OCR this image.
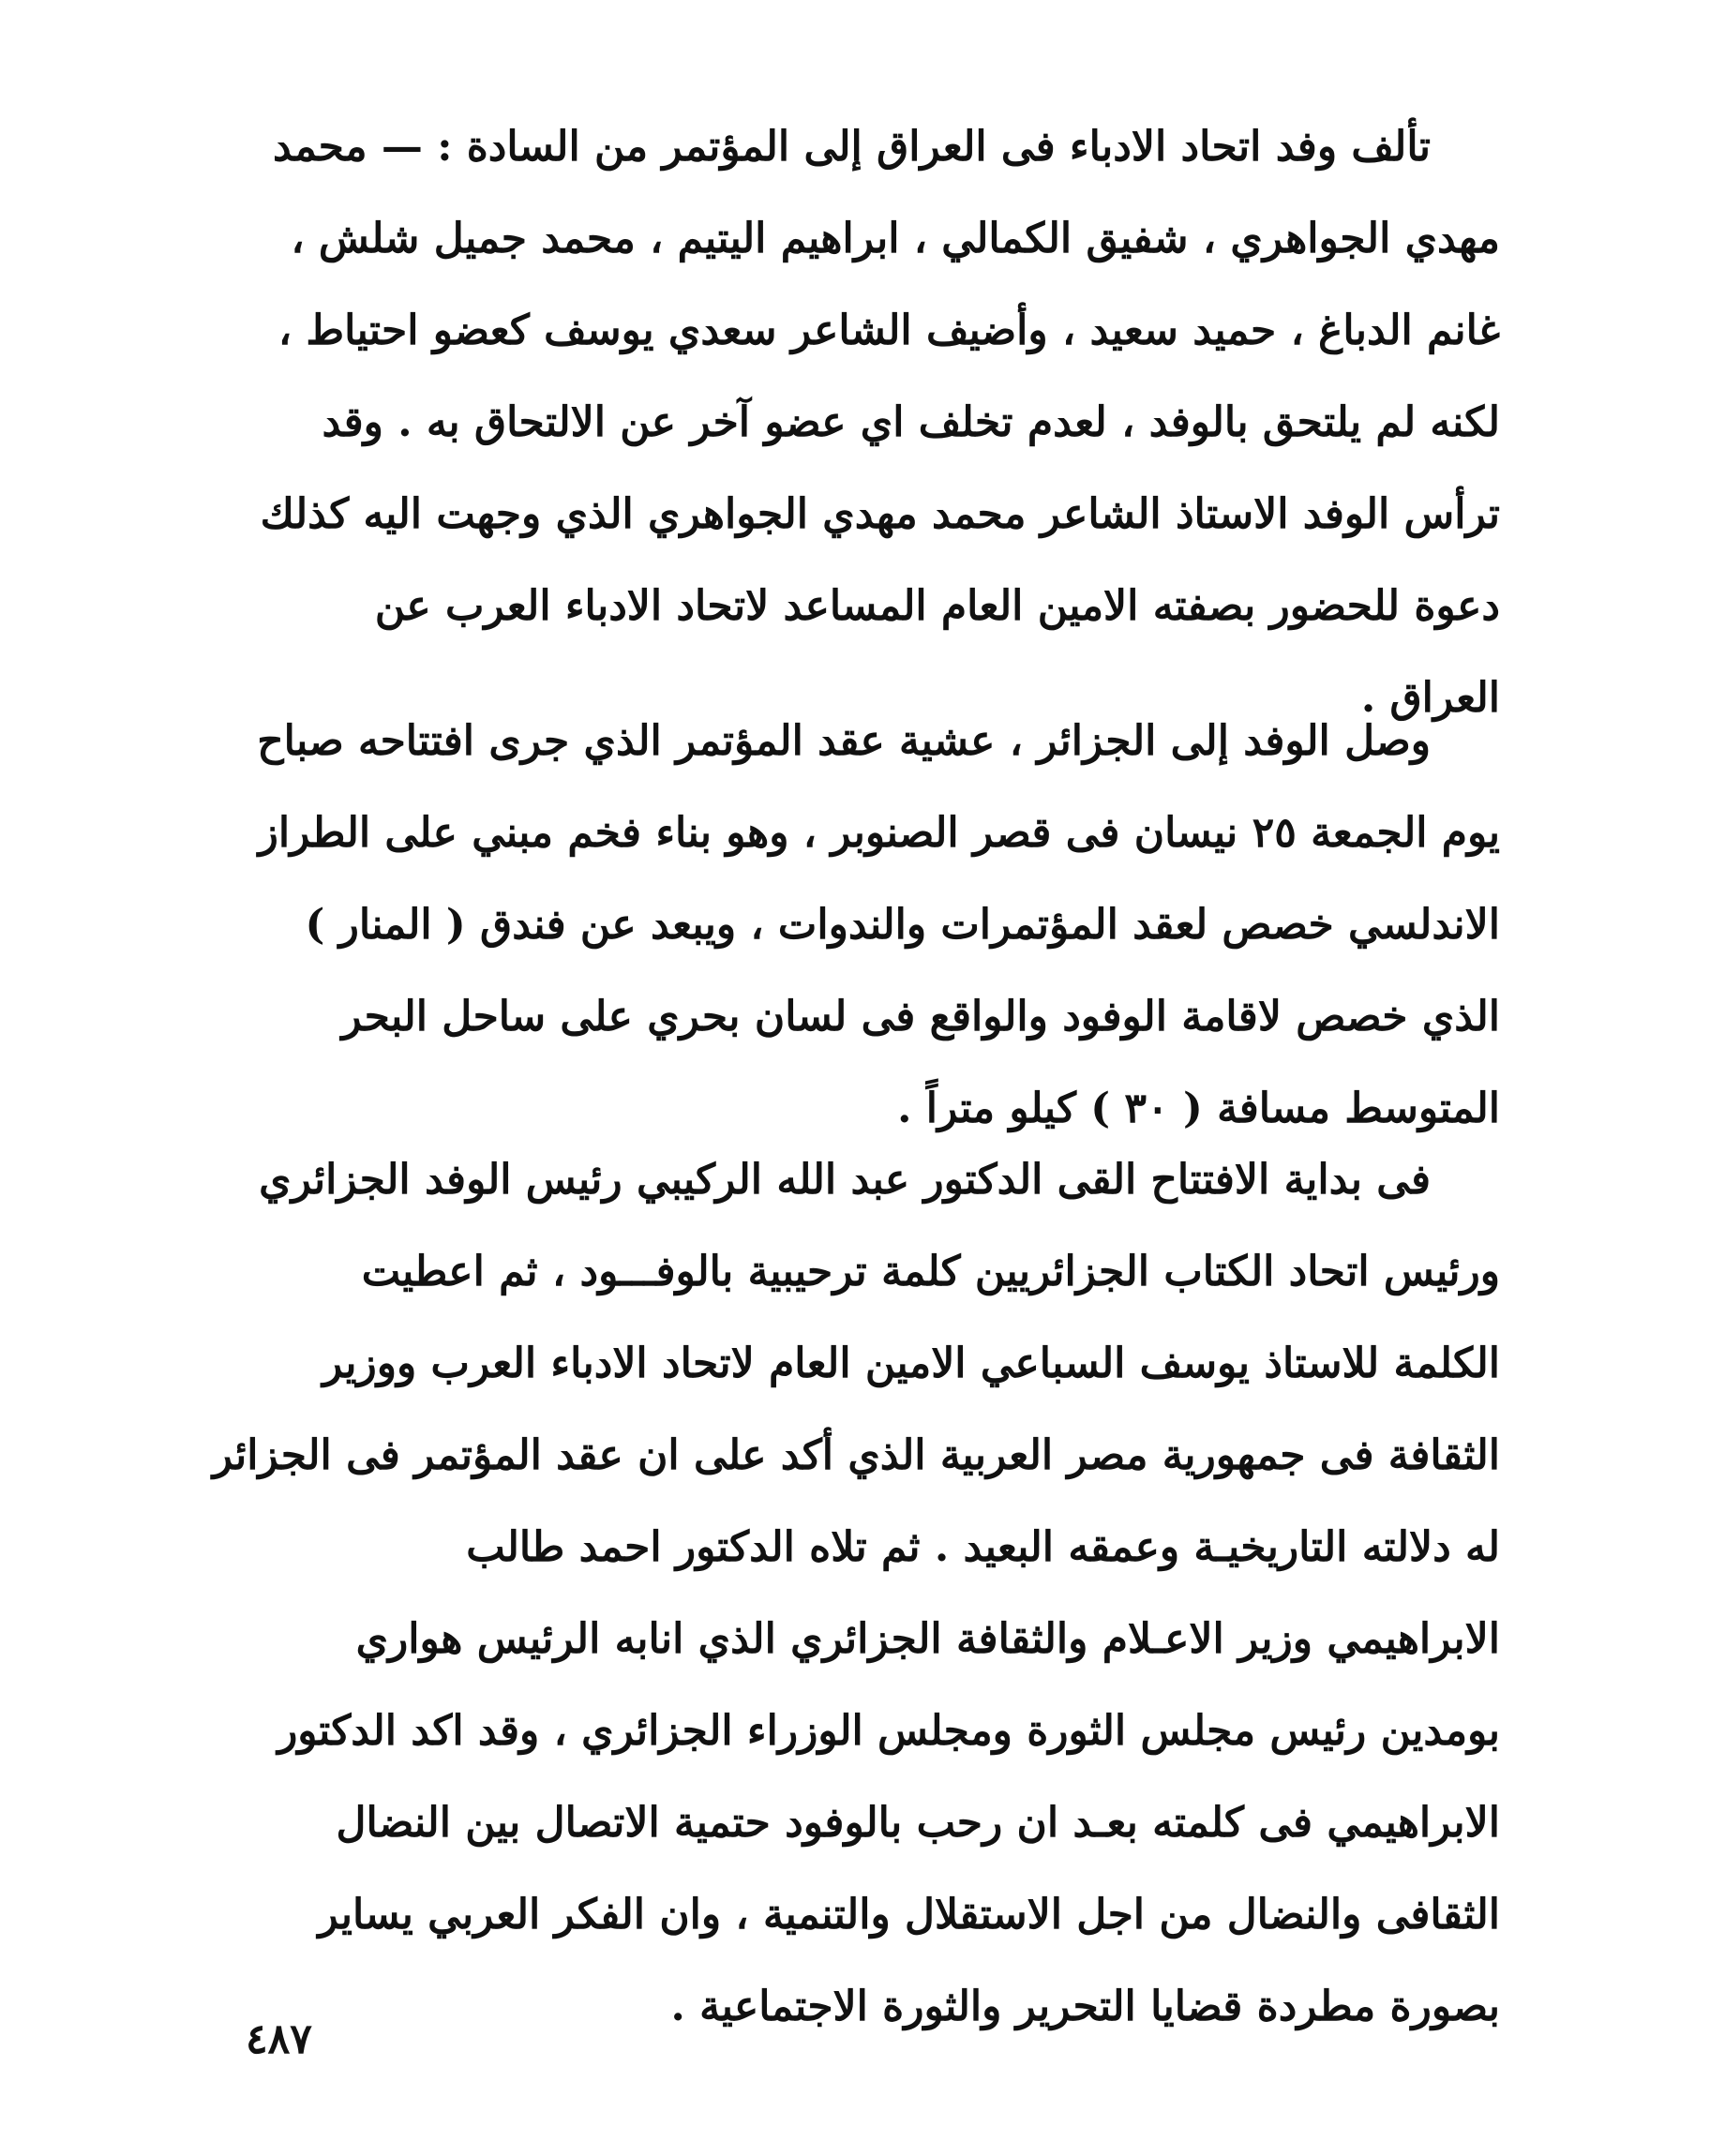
تألف وفد اتحاد الادباء فى العراق إلى المؤتمر من السادة : — محمد
مهدي الجواهري ، شفيق الكمالي ، ابراهيم اليتيم ، محمد جميل شلش ،
غانم الدباغ ، حميد سعيد ، وأضيف الشاعر سعدي يوسف كعضو احتياط ،
لكنه لم يلتحق بالوفد ، لعدم تخلف اي عضو آخر عن الالتحاق به . وقد
ترأس الوفد الاستاذ الشاعر محمد مهدي الجواهري الذي وجهت اليه كذلك
دعوة للحضور بصفته الامين العام المساعد لاتحاد الادباء العرب عن
العراق .
وصل الوفد إلى الجزائر ، عشية عقد المؤتمر الذي جرى افتتاحه صباح
يوم الجمعة ٢٥ نيسان فى قصر الصنوبر ، وهو بناء فخم مبني على الطراز
الاندلسي خصص لعقد المؤتمرات والندوات ، ويبعد عن فندق ( المنار )
الذي خصص لاقامة الوفود والواقع فى لسان بحري على ساحل البحر
المتوسط مسافة ( ٣٠ ) كيلو متراً .
فى بداية الافتتاح القى الدكتور عبد الله الركيبي رئيس الوفد الجزائري
ورئيس اتحاد الكتاب الجزائريين كلمة ترحيبية بالوفـــود ، ثم اعطيت
الكلمة للاستاذ يوسف السباعي الامين العام لاتحاد الادباء العرب ووزير
الثقافة فى جمهورية مصر العربية الذي أكد على ان عقد المؤتمر فى الجزائر
له دلالته التاريخيـة وعمقه البعيد . ثم تلاه الدكتور احمد طالب
الابراهيمي وزير الاعـلام والثقافة الجزائري الذي انابه الرئيس هواري
بومدين رئيس مجلس الثورة ومجلس الوزراء الجزائري ، وقد اكد الدكتور
الابراهيمي فى كلمته بعـد ان رحب بالوفود حتمية الاتصال بين النضال
الثقافى والنضال من اجل الاستقلال والتنمية ، وان الفكر العربي يساير
بصورة مطردة قضايا التحرير والثورة الاجتماعية .
٤٨٧
